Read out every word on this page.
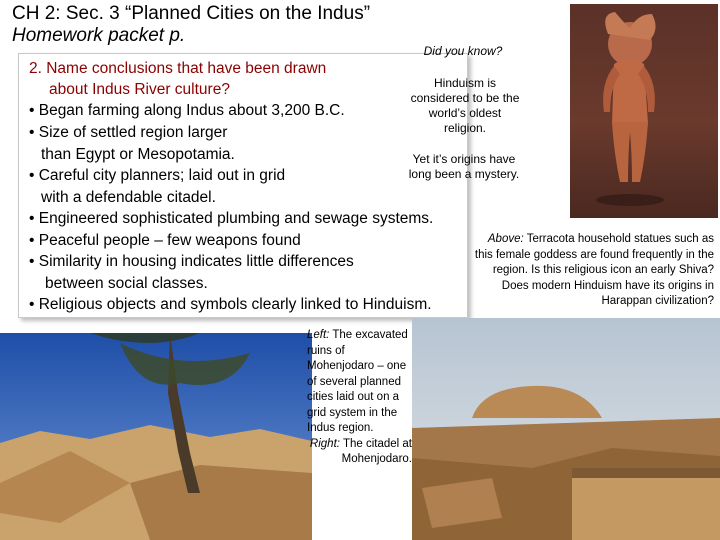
CH 2: Sec. 3 “Planned Cities on the Indus”
Homework packet p.
2. Name conclusions that have been drawn
about Indus River culture?
• Began farming along Indus about 3,200 B.C.
• Size of settled region larger
than Egypt or Mesopotamia.
• Careful city planners; laid out in grid
with a defendable citadel.
• Engineered sophisticated plumbing and sewage systems.
• Peaceful people – few weapons found
• Similarity in housing indicates little differences
between social classes.
• Religious objects and symbols clearly linked to Hinduism.
Did you know?
Hinduism is considered to be the world’s oldest religion.
Yet it’s origins have long been a mystery.
Above: Terracota household statues such as this female goddess are found frequently in the region. Is this religious icon an early Shiva? Does modern Hinduism have its origins in Harappan civilization?
Left: The excavated ruins of Mohenjodaro – one of several planned cities laid out on a grid system in the Indus region.
Right: The citadel at Mohenjodaro.
